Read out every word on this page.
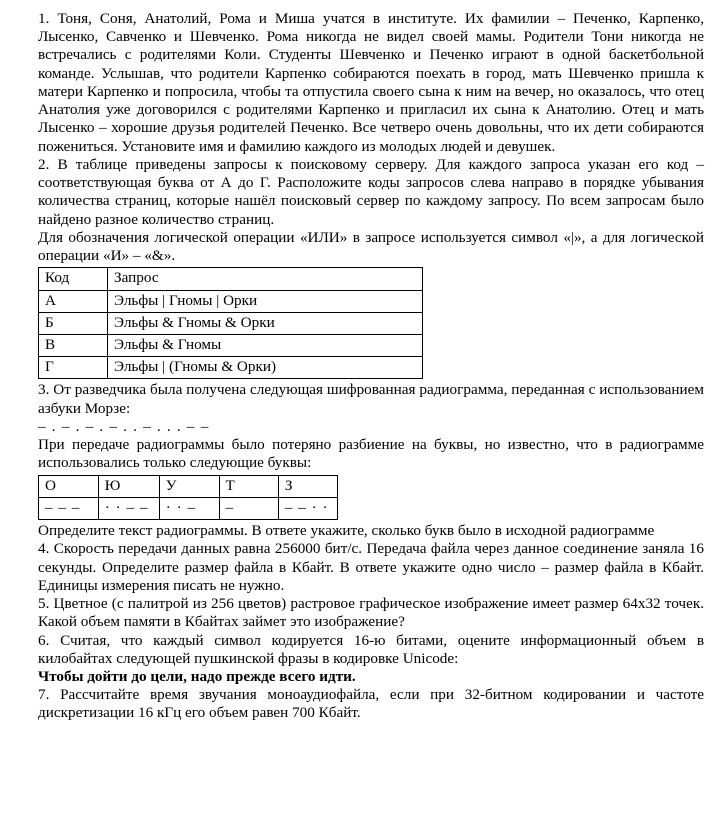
1. Тоня, Соня, Анатолий, Рома и Миша учатся в институте. Их фамилии – Печенко, Карпенко, Лысенко, Савченко и Шевченко. Рома никогда не видел своей мамы. Родители Тони никогда не встречались с родителями Коли. Студенты Шевченко и Печенко играют в одной баскетбольной команде. Услышав, что родители Карпенко собираются поехать в город, мать Шевченко пришла к матери Карпенко и попросила, чтобы та отпустила своего сына к ним на вечер, но оказалось, что отец Анатолия уже договорился с родителями Карпенко и пригласил их сына к Анатолию. Отец и мать Лысенко – хорошие друзья родителей Печенко. Все четверо очень довольны, что их дети собираются пожениться. Установите имя и фамилию каждого из молодых людей и девушек.

2. В таблице приведены запросы к поисковому серверу. Для каждого запроса указан его код – соответствующая буква от А до Г. Расположите коды запросов слева направо в порядке убывания количества страниц, которые нашёл поисковый сервер по каждому запросу. По всем запросам было найдено разное количество страниц.

Для обозначения логической операции «ИЛИ» в запросе используется символ «|», а для логической операции «И» – «&».

Код	Запрос
А	Эльфы | Гномы | Орки
Б	Эльфы & Гномы & Орки
В	Эльфы & Гномы
Г	Эльфы | (Гномы & Орки)

3. От разведчика была получена следующая шифрованная радиограмма, переданная с использованием азбуки Морзе:

– . – . – . – . . – . . . – –

При передаче радиограммы было потеряно разбиение на буквы, но известно, что в радиограмме использовались только следующие буквы:

О	Ю	У	Т	З
– – –	· · – –	· · –	–	– – · ·

Определите текст радиограммы. В ответе укажите, сколько букв было в исходной радиограмме

4. Скорость передачи данных равна 256000 бит/с. Передача файла через данное соединение заняла 16 секунды. Определите размер файла в Кбайт. В ответе укажите одно число – размер файла в Кбайт. Единицы измерения писать не нужно.

5. Цветное (с палитрой из 256 цветов) растровое графическое изображение имеет размер 64x32 точек. Какой объем памяти в Кбайтах займет это изображение?

6. Считая, что каждый символ кодируется 16-ю битами, оцените информационный объем в килобайтах следующей пушкинской фразы в кодировке Unicode:

Чтобы дойти до цели, надо прежде всего идти.

7. Рассчитайте время звучания моноаудиофайла, если при 32-битном кодировании и частоте дискретизации 16 кГц его объем равен 700 Кбайт.
